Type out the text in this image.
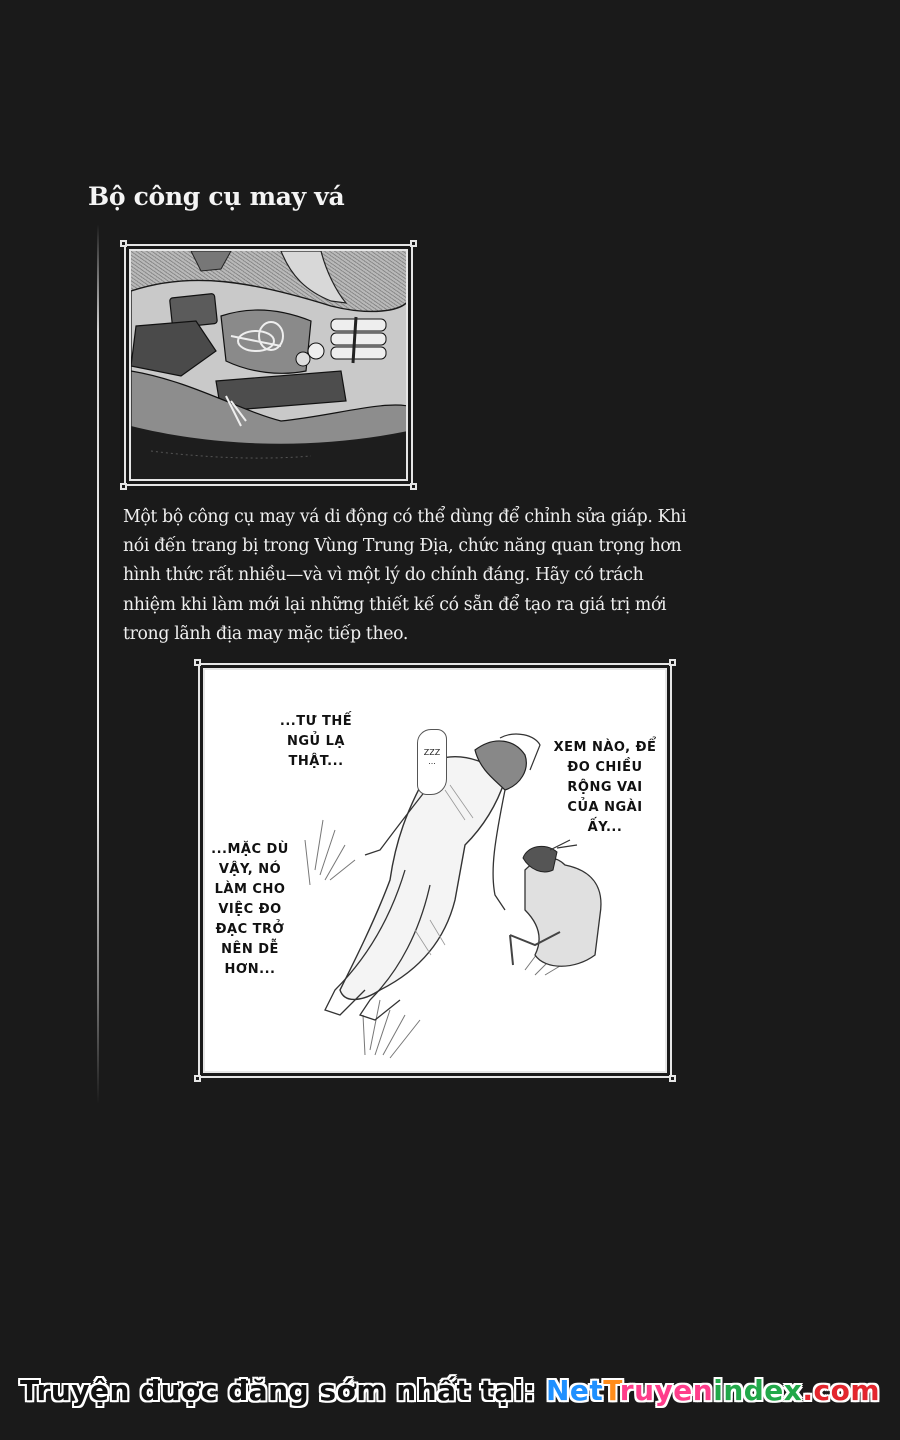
Bộ công cụ may vá

Một bộ công cụ may vá di động có thể dùng để chỉnh sửa giáp. Khi nói đến trang bị trong Vùng Trung Địa, chức năng quan trọng hơn hình thức rất nhiều—và vì một lý do chính đáng. Hãy có trách nhiệm khi làm mới lại những thiết kế có sẵn để tạo ra giá trị mới trong lãnh địa may mặc tiếp theo.

ZZZ
...
...TƯ THẾ
NGỦ LẠ
THẬT...
...MẶC DÙ
VẬY, NÓ
LÀM CHO
VIỆC ĐO
ĐẠC TRỞ
NÊN DỄ
HƠN...
XEM NÀO, ĐỂ
ĐO CHIỀU
RỘNG VAI
CỦA NGÀI
ẤY...
Truyện được đăng sớm nhất tại: NetTruyenindex.com
